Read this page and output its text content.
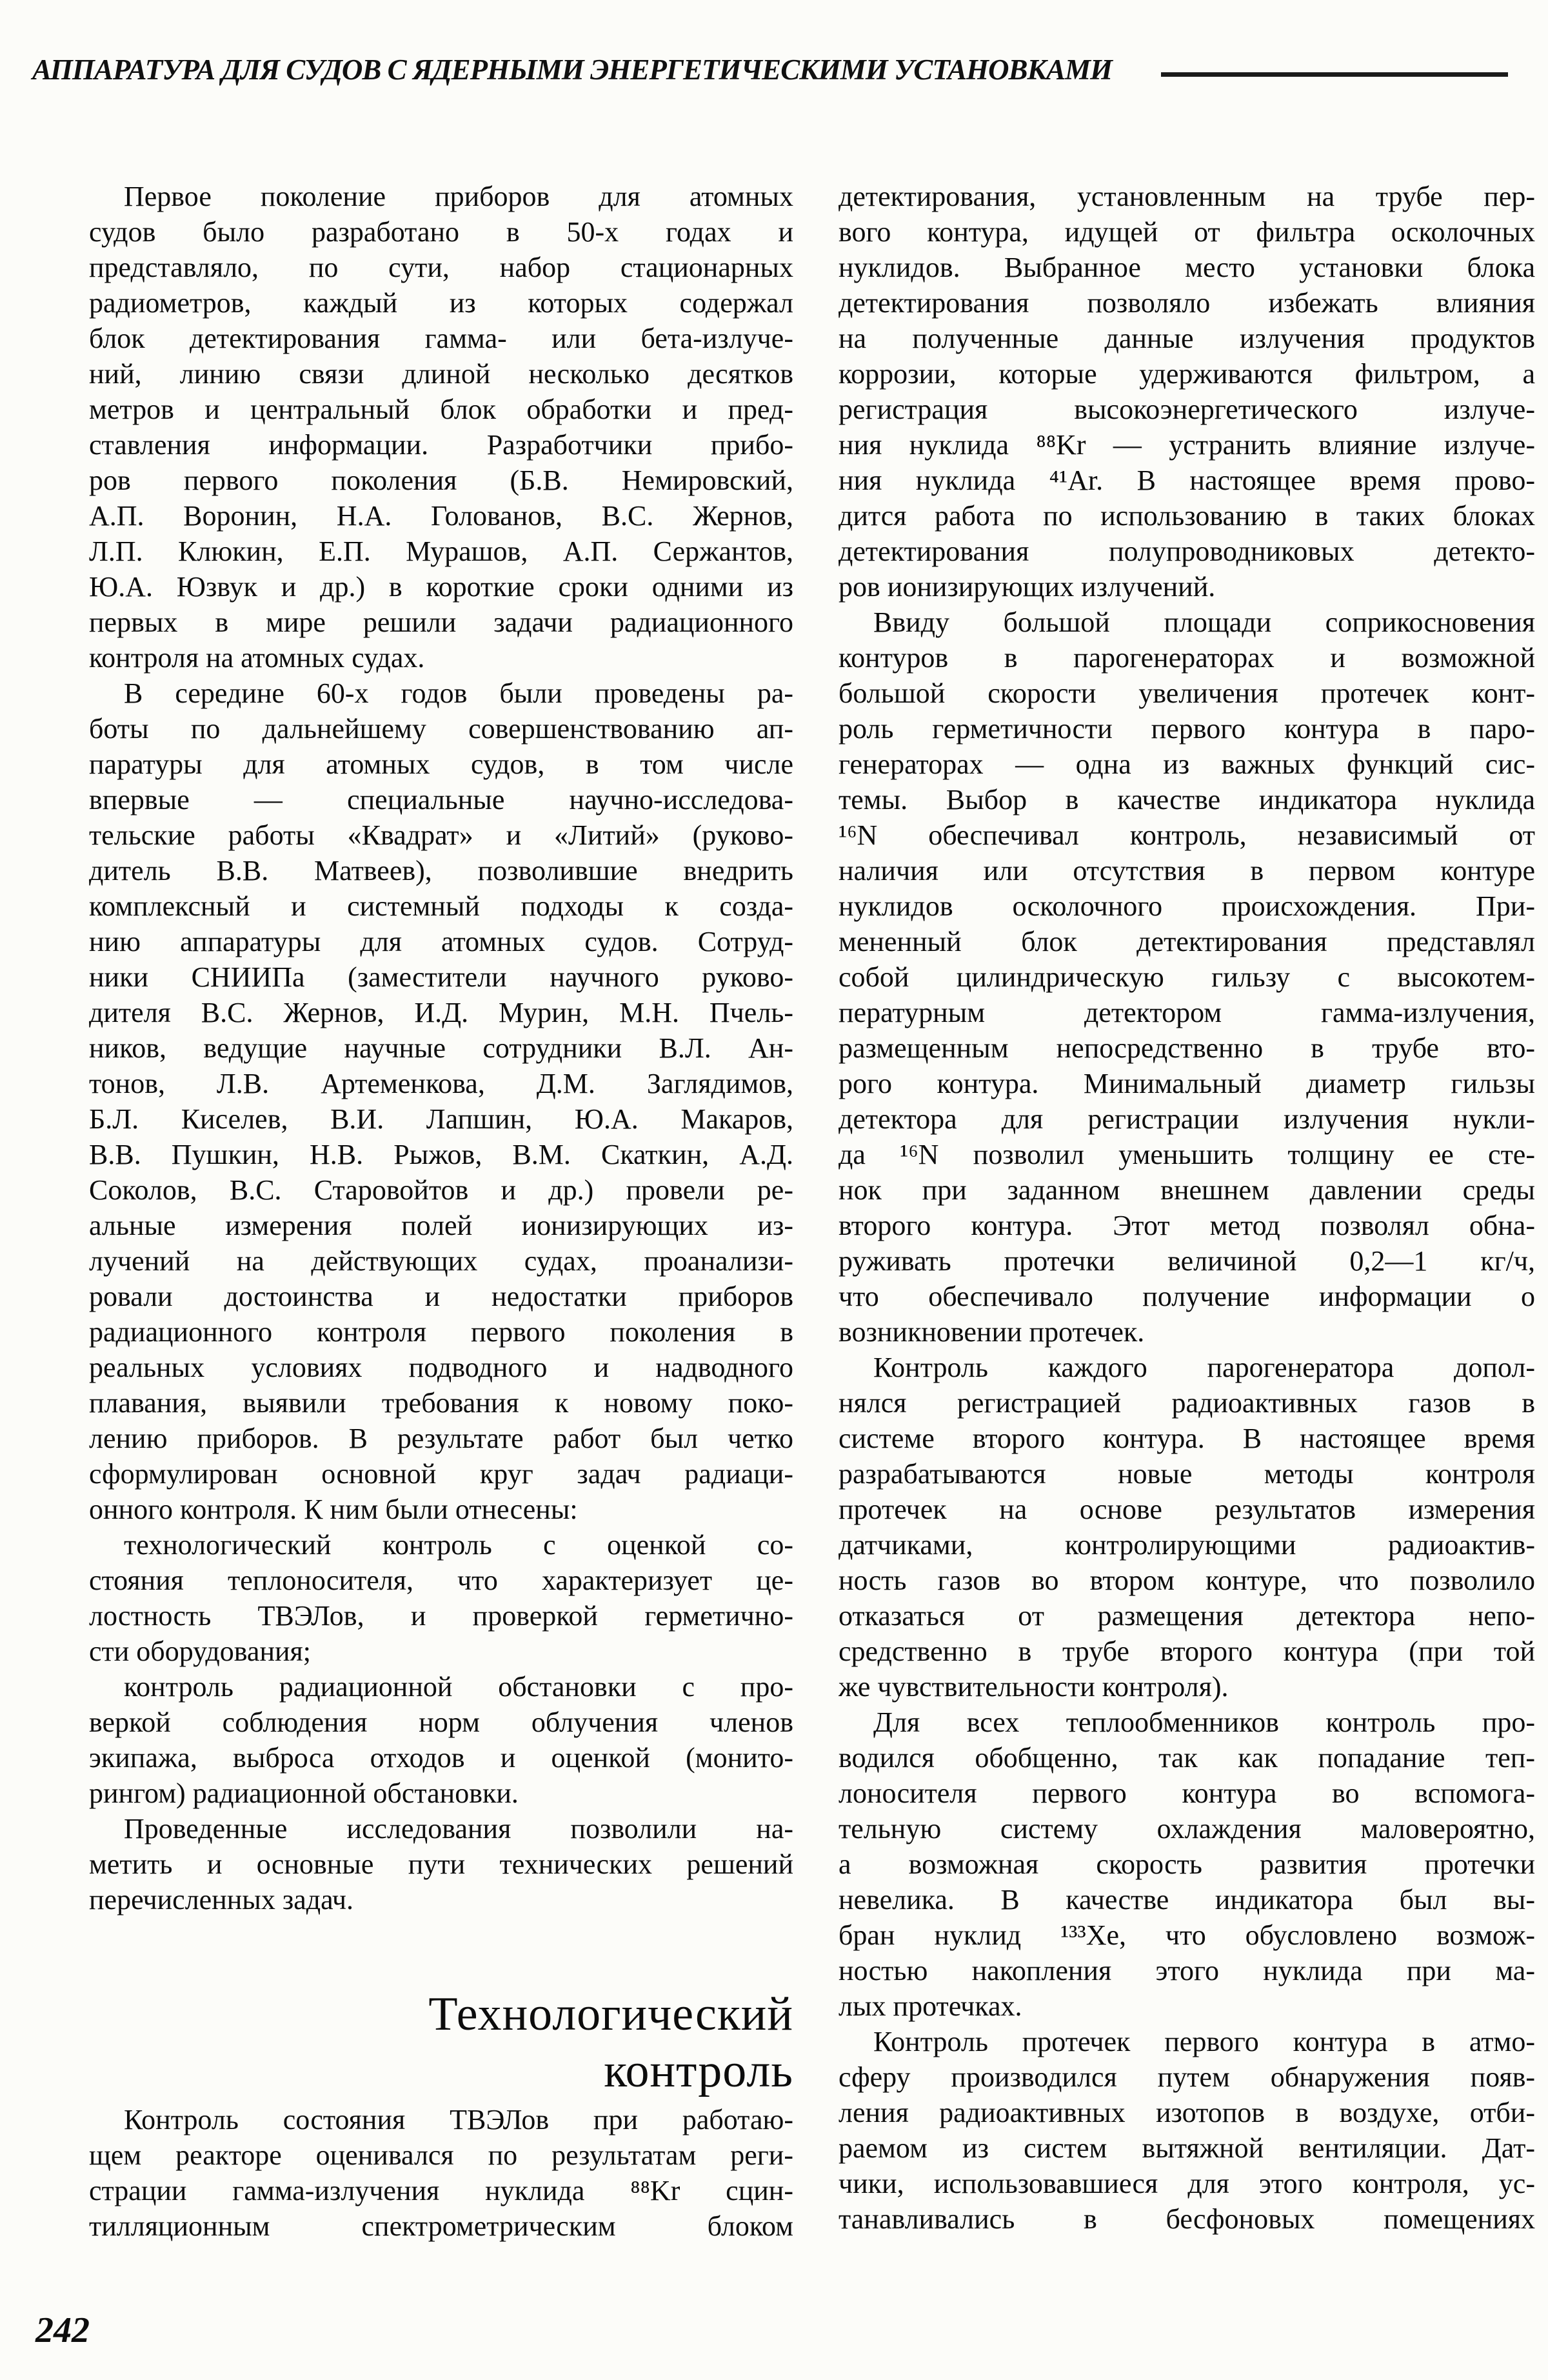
АППАРАТУРА ДЛЯ СУДОВ С ЯДЕРНЫМИ ЭНЕРГЕТИЧЕСКИМИ УСТАНОВКАМИ
Первое поколение приборов для атомных
судов было разработано в 50-х годах и
представляло, по сути, набор стационарных
радиометров, каждый из которых содержал
блок детектирования гамма- или бета-излуче-
ний, линию связи длиной несколько десятков
метров и центральный блок обработки и пред-
ставления информации. Разработчики прибо-
ров первого поколения (Б.В. Немировский,
А.П. Воронин, Н.А. Голованов, В.С. Жернов,
Л.П. Клюкин, Е.П. Мурашов, А.П. Сержантов,
Ю.А. Юзвук и др.) в короткие сроки одними из
первых в мире решили задачи радиационного
контроля на атомных судах.
В середине 60-х годов были проведены ра-
боты по дальнейшему совершенствованию ап-
паратуры для атомных судов, в том числе
впервые — специальные научно-исследова-
тельские работы «Квадрат» и «Литий» (руково-
дитель В.В. Матвеев), позволившие внедрить
комплексный и системный подходы к созда-
нию аппаратуры для атомных судов. Сотруд-
ники СНИИПа (заместители научного руково-
дителя В.С. Жернов, И.Д. Мурин, М.Н. Пчель-
ников, ведущие научные сотрудники В.Л. Ан-
тонов, Л.В. Артеменкова, Д.М. Заглядимов,
Б.Л. Киселев, В.И. Лапшин, Ю.А. Макаров,
В.В. Пушкин, Н.В. Рыжов, В.М. Скаткин, А.Д.
Соколов, В.С. Старовойтов и др.) провели ре-
альные измерения полей ионизирующих из-
лучений на действующих судах, проанализи-
ровали достоинства и недостатки приборов
радиационного контроля первого поколения в
реальных условиях подводного и надводного
плавания, выявили требования к новому поко-
лению приборов. В результате работ был четко
сформулирован основной круг задач радиаци-
онного контроля. К ним были отнесены:
технологический контроль с оценкой со-
стояния теплоносителя, что характеризует це-
лостность ТВЭЛов, и проверкой герметично-
сти оборудования;
контроль радиационной обстановки с про-
веркой соблюдения норм облучения членов
экипажа, выброса отходов и оценкой (монито-
рингом) радиационной обстановки.
Проведенные исследования позволили на-
метить и основные пути технических решений
перечисленных задач.
Технологический
контроль
Контроль состояния ТВЭЛов при работаю-
щем реакторе оценивался по результатам реги-
страции гамма-излучения нуклида ⁸⁸Kr сцин-
тилляционным спектрометрическим блоком
детектирования, установленным на трубе пер-
вого контура, идущей от фильтра осколочных
нуклидов. Выбранное место установки блока
детектирования позволяло избежать влияния
на полученные данные излучения продуктов
коррозии, которые удерживаются фильтром, а
регистрация высокоэнергетического излуче-
ния нуклида ⁸⁸Kr — устранить влияние излуче-
ния нуклида ⁴¹Ar. В настоящее время прово-
дится работа по использованию в таких блоках
детектирования полупроводниковых детекто-
ров ионизирующих излучений.
Ввиду большой площади соприкосновения
контуров в парогенераторах и возможной
большой скорости увеличения протечек конт-
роль герметичности первого контура в паро-
генераторах — одна из важных функций сис-
темы. Выбор в качестве индикатора нуклида
¹⁶N обеспечивал контроль, независимый от
наличия или отсутствия в первом контуре
нуклидов осколочного происхождения. При-
мененный блок детектирования представлял
собой цилиндрическую гильзу с высокотем-
пературным детектором гамма-излучения,
размещенным непосредственно в трубе вто-
рого контура. Минимальный диаметр гильзы
детектора для регистрации излучения нукли-
да ¹⁶N позволил уменьшить толщину ее сте-
нок при заданном внешнем давлении среды
второго контура. Этот метод позволял обна-
руживать протечки величиной 0,2—1 кг/ч,
что обеспечивало получение информации о
возникновении протечек.
Контроль каждого парогенератора допол-
нялся регистрацией радиоактивных газов в
системе второго контура. В настоящее время
разрабатываются новые методы контроля
протечек на основе результатов измерения
датчиками, контролирующими радиоактив-
ность газов во втором контуре, что позволило
отказаться от размещения детектора непо-
средственно в трубе второго контура (при той
же чувствительности контроля).
Для всех теплообменников контроль про-
водился обобщенно, так как попадание теп-
лоносителя первого контура во вспомога-
тельную систему охлаждения маловероятно,
а возможная скорость развития протечки
невелика. В качестве индикатора был вы-
бран нуклид ¹³³Хе, что обусловлено возмож-
ностью накопления этого нуклида при ма-
лых протечках.
Контроль протечек первого контура в атмо-
сферу производился путем обнаружения появ-
ления радиоактивных изотопов в воздухе, отби-
раемом из систем вытяжной вентиляции. Дат-
чики, использовавшиеся для этого контроля, ус-
танавливались в бесфоновых помещениях
242
